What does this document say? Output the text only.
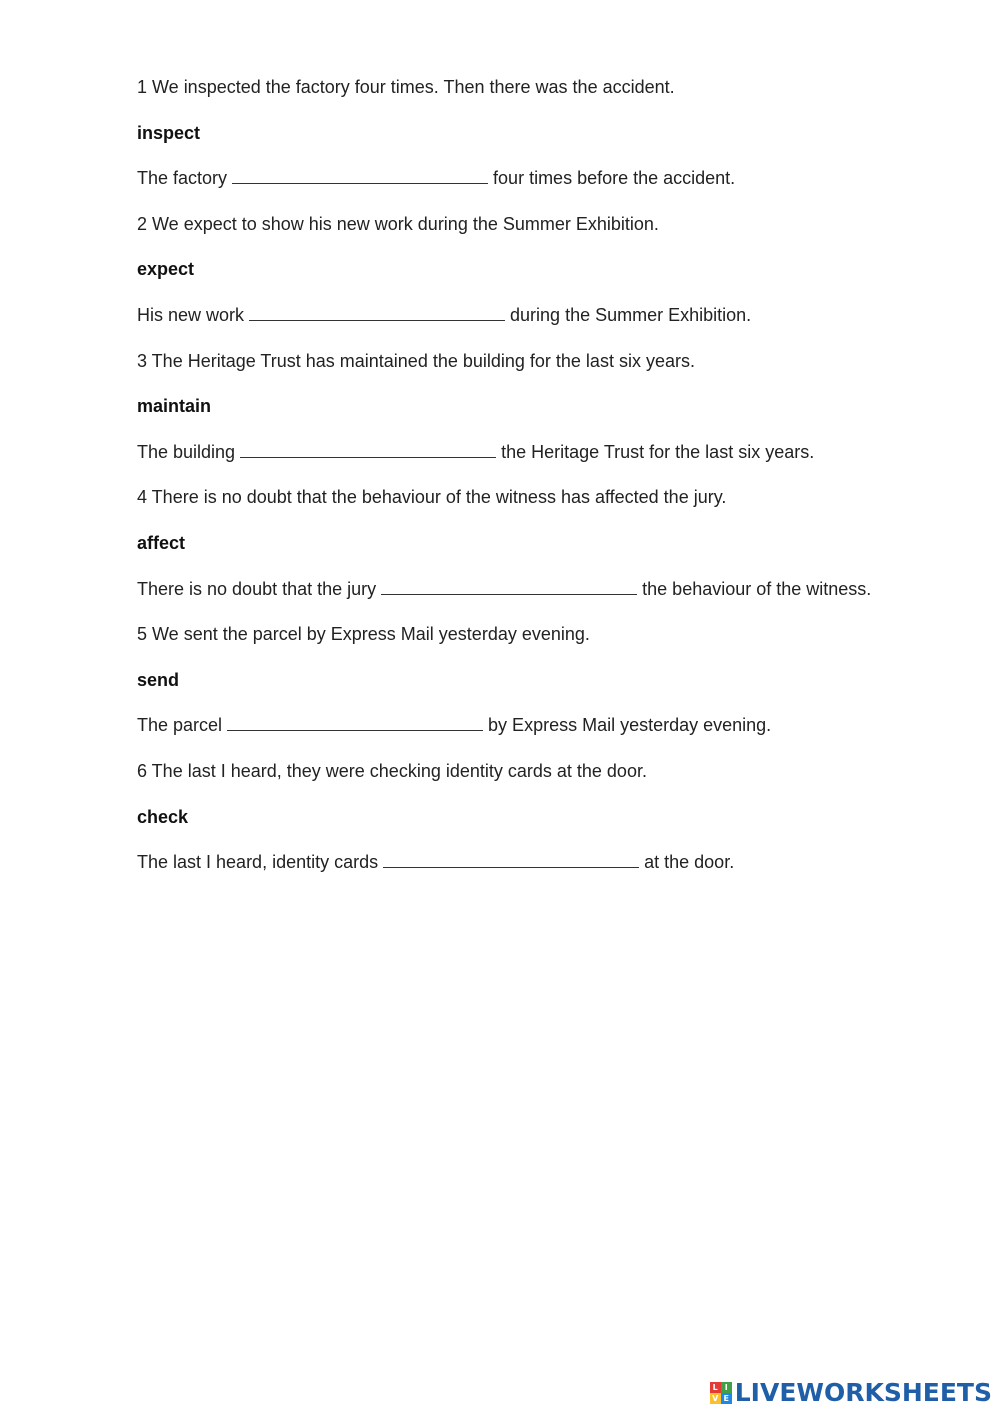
1 We inspected the factory four times. Then there was the accident.
inspect
The factory	four times before the accident.
2 We expect to show his new work during the Summer Exhibition.
expect
His new work	during the Summer Exhibition.
3 The Heritage Trust has maintained the building for the last six years.
maintain
The building	the Heritage Trust for the last six years.
4 There is no doubt that the behaviour of the witness has affected the jury.
affect
There is no doubt that the jury	the behaviour of the witness.
5 We sent the parcel by Express Mail yesterday evening.
send
The parcel	by Express Mail yesterday evening.
6 The last I heard, they were checking identity cards at the door.
check
The last I heard, identity cards	at the door.
L I
V E LIVEWORKSHEETS
